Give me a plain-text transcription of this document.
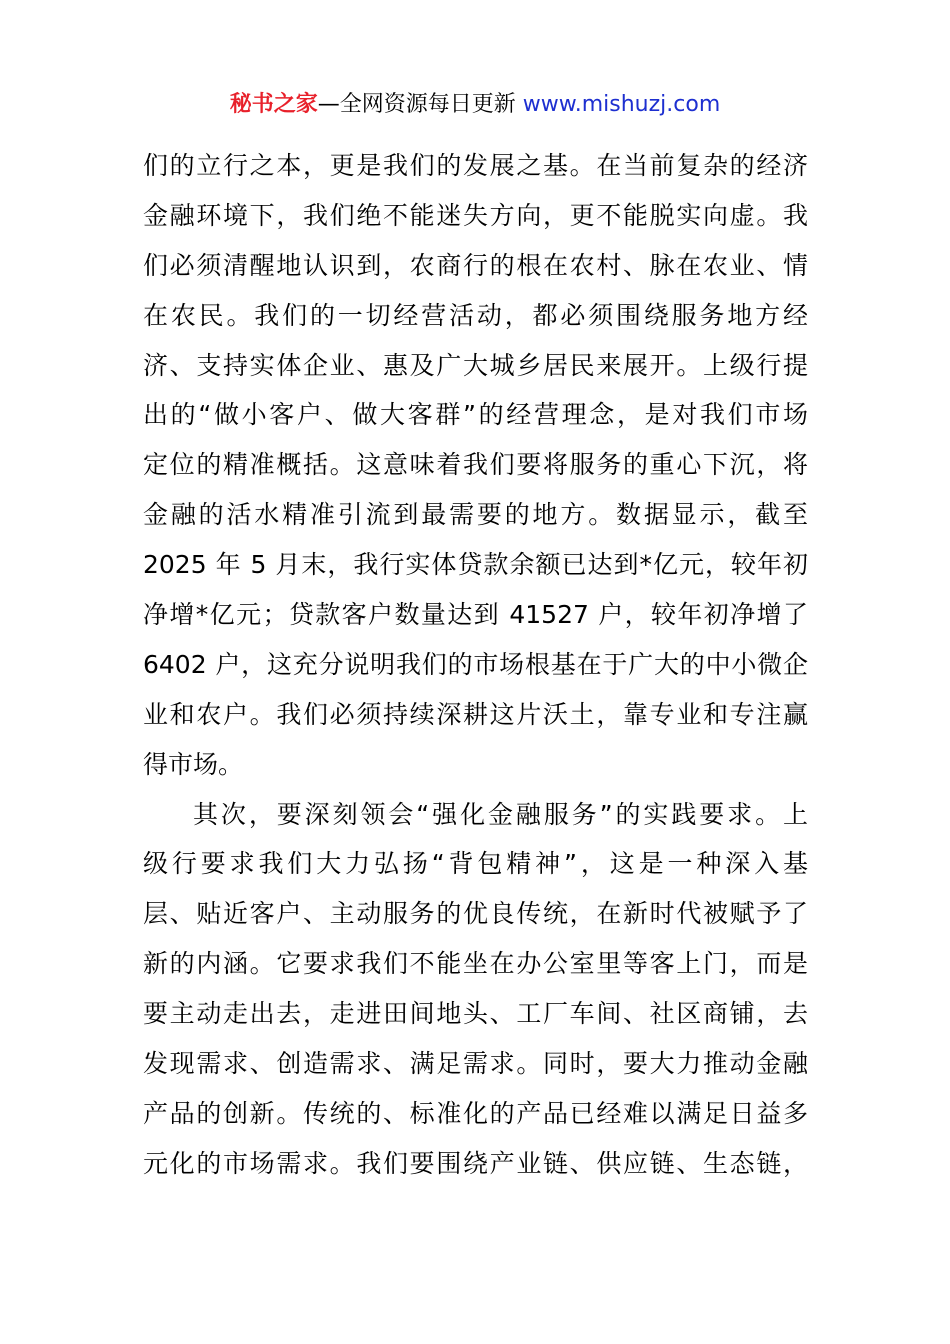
秘书之家—全网资源每日更新 www.mishuzj.com
们的立行之本，更是我们的发展之基。在当前复杂的经济
金融环境下，我们绝不能迷失方向，更不能脱实向虚。我
们必须清醒地认识到，农商行的根在农村、脉在农业、情
在农民。我们的一切经营活动，都必须围绕服务地方经
济、支持实体企业、惠及广大城乡居民来展开。上级行提
出的“做小客户、做大客群”的经营理念，是对我们市场
定位的精准概括。这意味着我们要将服务的重心下沉，将
金融的活水精准引流到最需要的地方。数据显示，截至
2025 年 5 月末，我行实体贷款余额已达到*亿元，较年初
净增*亿元；贷款客户数量达到 41527 户，较年初净增了
6402 户，这充分说明我们的市场根基在于广大的中小微企
业和农户。我们必须持续深耕这片沃土，靠专业和专注赢
得市场。
其次，要深刻领会“强化金融服务”的实践要求。上
级行要求我们大力弘扬“背包精神”，这是一种深入基
层、贴近客户、主动服务的优良传统，在新时代被赋予了
新的内涵。它要求我们不能坐在办公室里等客上门，而是
要主动走出去，走进田间地头、工厂车间、社区商铺，去
发现需求、创造需求、满足需求。同时，要大力推动金融
产品的创新。传统的、标准化的产品已经难以满足日益多
元化的市场需求。我们要围绕产业链、供应链、生态链，
